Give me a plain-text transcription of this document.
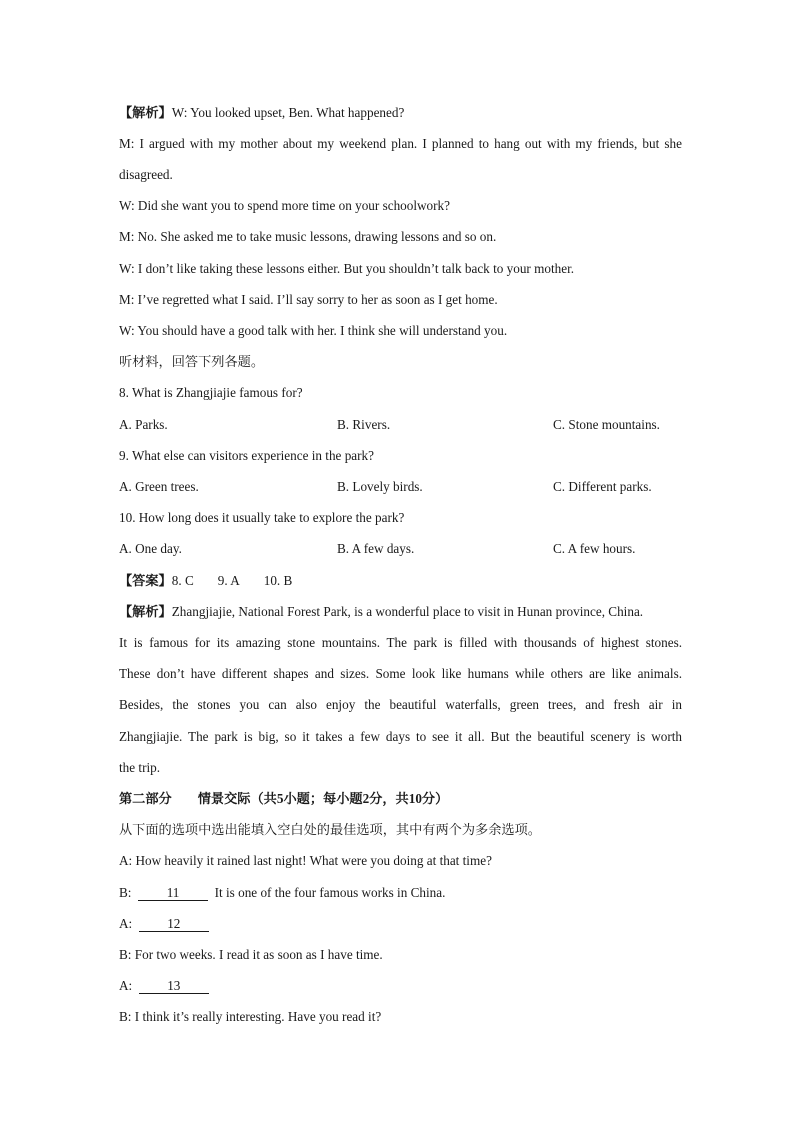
【解析】W: You looked upset, Ben. What happened?
M: I argued with my mother about my weekend plan. I planned to hang out with my friends, but she
disagreed.
W: Did she want you to spend more time on your schoolwork?
M: No. She asked me to take music lessons, drawing lessons and so on.
W: I don’t like taking these lessons either. But you shouldn’t talk back to your mother.
M: I’ve regretted what I said. I’ll say sorry to her as soon as I get home.
W: You should have a good talk with her. I think she will understand you.
听材料，回答下列各题。
8. What is Zhangjiajie famous for?
A. Parks.	B. Rivers.	C. Stone mountains.
9. What else can visitors experience in the park?
A. Green trees.	B. Lovely birds.	C. Different parks.
10. How long does it usually take to explore the park?
A. One day.	B. A few days.	C. A few hours.
【答案】8. C 9. A 10. B
【解析】Zhangjiajie, National Forest Park, is a wonderful place to visit in Hunan province, China.
It is famous for its amazing stone mountains. The park is filled with thousands of highest stones.
These don’t have different shapes and sizes. Some look like humans while others are like animals.
Besides, the stones you can also enjoy the beautiful waterfalls, green trees, and fresh air in
Zhangjiajie. The park is big, so it takes a few days to see it all. But the beautiful scenery is worth
the trip.
第二部分 情景交际（共5小题；每小题2分，共10分）
从下面的选项中选出能填入空白处的最佳选项，其中有两个为多余选项。
A: How heavily it rained last night! What were you doing at that time?
B:	11	It is one of the four famous works in China.
A:	12
B: For two weeks. I read it as soon as I have time.
A:	13
B: I think it’s really interesting. Have you read it?
